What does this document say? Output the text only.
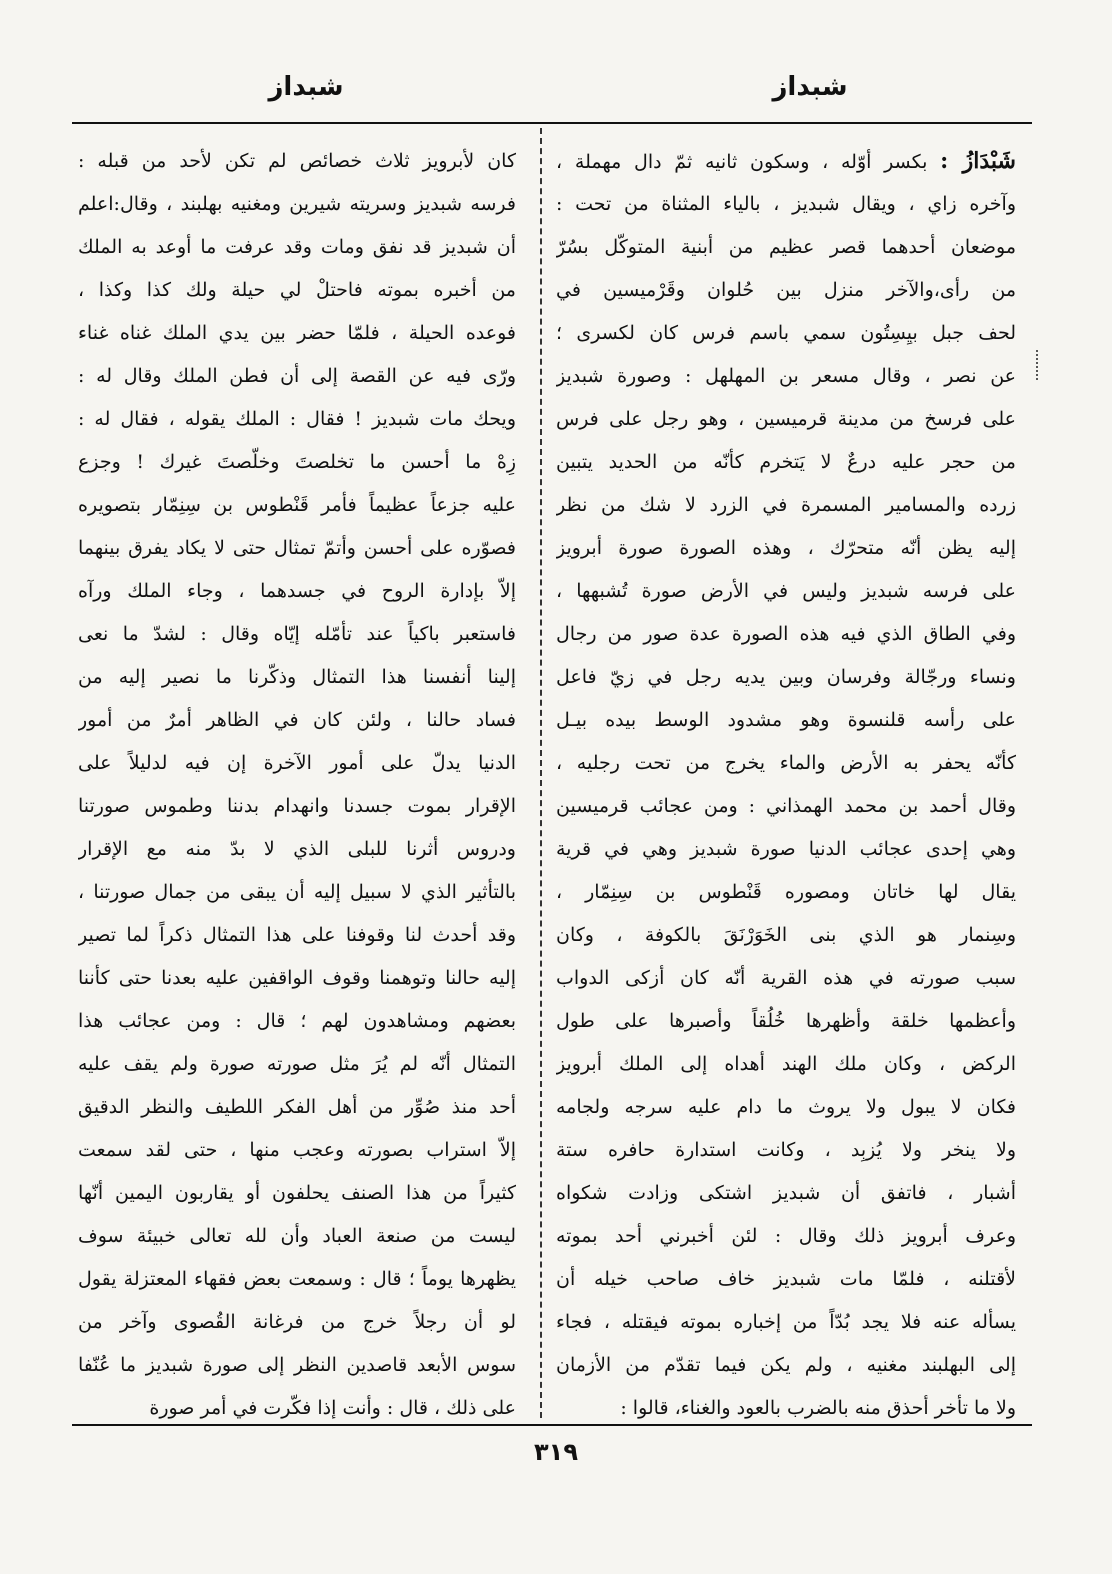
شبداز
شبداز
شَبْدَازُ : بكسر أوّله ، وسكون ثانيه ثمّ دال مهملة ،
وآخره زاي ، ويقال شبديز ، بالياء المثناة من تحت :
موضعان أحدهما قصر عظيم من أبنية المتوكّل بسُرّ
من رأى،والآخر منزل بين حُلوان وقَرْميسين في
لحف جبل بيِسِتُون سمي باسم فرس كان لكسرى ؛
عن نصر ، وقال مسعر بن المهلهل : وصورة شبديز
على فرسخ من مدينة قرميسين ، وهو رجل على فرس
من حجر عليه درعٌ لا يَتخرم كأنّه من الحديد يتبين
زرده والمسامير المسمرة في الزرد لا شك من نظر
إليه يظن أنّه متحرّك ، وهذه الصورة صورة أبرويز
على فرسه شبديز وليس في الأرض صورة تُشبهها ،
وفي الطاق الذي فيه هذه الصورة عدة صور من رجال
ونساء ورجّالة وفرسان وبين يديه رجل في زيّ فاعل
على رأسه قلنسوة وهو مشدود الوسط بيده بيـل
كأنّه يحفر به الأرض والماء يخرج من تحت رجليه ،
وقال أحمد بن محمد الهمذاني : ومن عجائب قرميسين
وهي إحدى عجائب الدنيا صورة شبديز وهي في قرية
يقال لها خاتان ومصوره قَنْطوس بن سِنِمّار ،
وسِنمار هو الذي بنى الخَوَرْنَقَ بالكوفة ، وكان
سبب صورته في هذه القرية أنّه كان أزكى الدواب
وأعظمها خلقة وأظهرها خُلُقاً وأصبرها على طول
الركض ، وكان ملك الهند أهداه إلى الملك أبرويز
فكان لا يبول ولا يروث ما دام عليه سرجه ولجامه
ولا ينخر ولا يُزبِد ، وكانت استدارة حافره ستة
أشبار ، فاتفق أن شبديز اشتكى وزادت شكواه
وعرف أبرويز ذلك وقال : لئن أخبرني أحد بموته
لأقتلنه ، فلمّا مات شبديز خاف صاحب خيله أن
يسأله عنه فلا يجد بُدّاً من إخباره بموته فيقتله ، فجاء
إلى البهلبند مغنيه ، ولم يكن فيما تقدّم من الأزمان
ولا ما تأخر أحذق منه بالضرب بالعود والغناء، قالوا :
كان لأبرويز ثلاث خصائص لم تكن لأحد من قبله :
فرسه شبديز وسريته شيرين ومغنيه بهلبند ، وقال:اعلم
أن شبديز قد نفق ومات وقد عرفت ما أوعد به الملك
من أخبره بموته فاحتلْ لي حيلة ولك كذا وكذا ،
فوعده الحيلة ، فلمّا حضر بين يدي الملك غناه غناء
ورّى فيه عن القصة إلى أن فطن الملك وقال له :
ويحك مات شبديز ! فقال : الملك يقوله ، فقال له :
زِهْ ما أحسن ما تخلصتَ وخلّصتَ غيرك ! وجزع
عليه جزعاً عظيماً فأمر قَنْطوس بن سِنِمّار بتصويره
فصوّره على أحسن وأتمّ تمثال حتى لا يكاد يفرق بينهما
إلاّ بإدارة الروح في جسدهما ، وجاء الملك ورآه
فاستعبر باكياً عند تأمّله إيّاه وقال : لشدّ ما نعى
إلينا أنفسنا هذا التمثال وذكّرنا ما نصير إليه من
فساد حالنا ، ولئن كان في الظاهر أمرٌ من أمور
الدنيا يدلّ على أمور الآخرة إن فيه لدليلاً على
الإقرار بموت جسدنا وانهدام بدننا وطموس صورتنا
ودروس أثرنا للبلى الذي لا بدّ منه مع الإقرار
بالتأثير الذي لا سبيل إليه أن يبقى من جمال صورتنا ،
وقد أحدث لنا وقوفنا على هذا التمثال ذكراً لما تصير
إليه حالنا وتوهمنا وقوف الواقفين عليه بعدنا حتى كأننا
بعضهم ومشاهدون لهم ؛ قال : ومن عجائب هذا
التمثال أنّه لم يُرَ مثل صورته صورة ولم يقف عليه
أحد منذ صُوِّر من أهل الفكر اللطيف والنظر الدقيق
إلاّ استراب بصورته وعجب منها ، حتى لقد سمعت
كثيراً من هذا الصنف يحلفون أو يقاربون اليمين أنّها
ليست من صنعة العباد وأن لله تعالى خبيئة سوف
يظهرها يوماً ؛ قال : وسمعت بعض فقهاء المعتزلة يقول
لو أن رجلاً خرج من فرغانة القُصوى وآخر من
سوس الأبعد قاصدين النظر إلى صورة شبديز ما عُنّفا
على ذلك ، قال : وأنت إذا فكّرت في أمر صورة
٣١٩
